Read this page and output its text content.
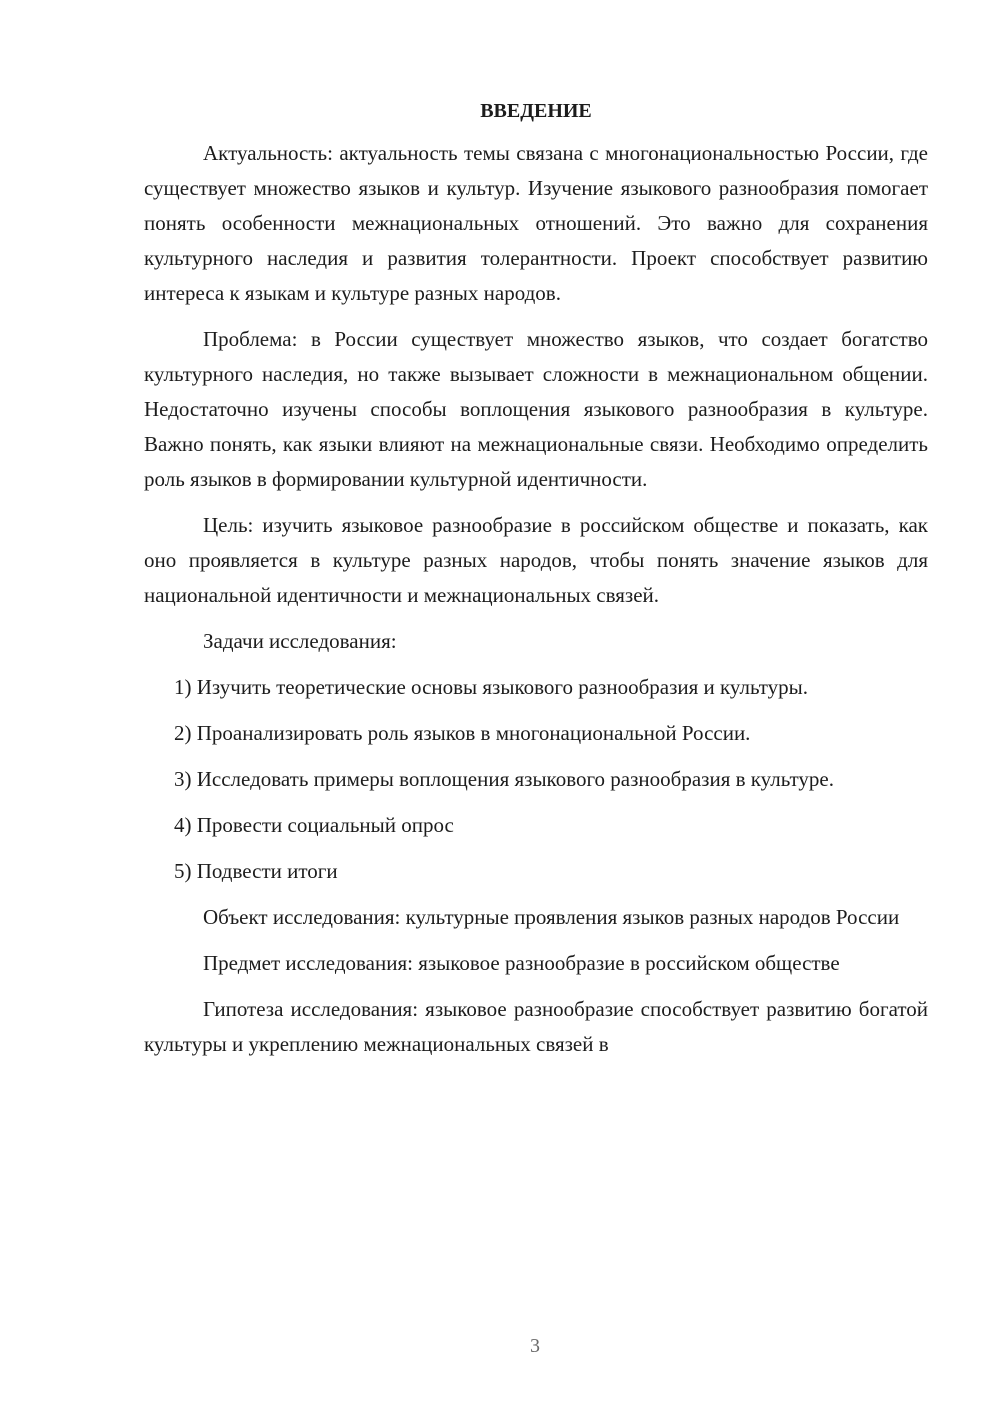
ВВЕДЕНИЕ

Актуальность: актуальность темы связана с многонациональностью России, где существует множество языков и культур. Изучение языкового разнообразия помогает понять особенности межнациональных отношений. Это важно для сохранения культурного наследия и развития толерантности. Проект способствует развитию интереса к языкам и культуре разных народов.

Проблема: в России существует множество языков, что создает богатство культурного наследия, но также вызывает сложности в межнациональном общении. Недостаточно изучены способы воплощения языкового разнообразия в культуре. Важно понять, как языки влияют на межнациональные связи. Необходимо определить роль языков в формировании культурной идентичности.

Цель: изучить языковое разнообразие в российском обществе и показать, как оно проявляется в культуре разных народов, чтобы понять значение языков для национальной идентичности и межнациональных связей.

Задачи исследования:

1) Изучить теоретические основы языкового разнообразия и культуры.

2) Проанализировать роль языков в многонациональной России.

3) Исследовать примеры воплощения языкового разнообразия в культуре.

4) Провести социальный опрос

5) Подвести итоги

Объект исследования: культурные проявления языков разных народов России

Предмет исследования: языковое разнообразие в российском обществе

Гипотеза исследования: языковое разнообразие способствует развитию богатой культуры и укреплению межнациональных связей в

3
